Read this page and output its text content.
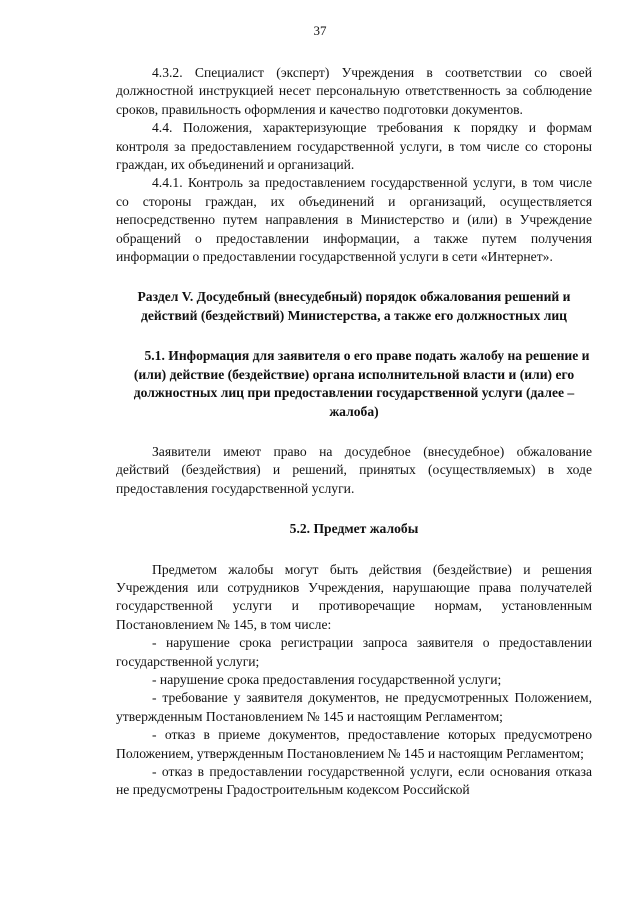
37

4.3.2. Специалист (эксперт) Учреждения в соответствии со своей должностной инструкцией несет персональную ответственность за соблюдение сроков, правильность оформления и качество подготовки документов.

4.4. Положения, характеризующие требования к порядку и формам контроля за предоставлением государственной услуги, в том числе со стороны граждан, их объединений и организаций.

4.4.1. Контроль за предоставлением государственной услуги, в том числе со стороны граждан, их объединений и организаций, осуществляется непосредственно путем направления в Министерство и (или) в Учреждение обращений о предоставлении информации, а также путем получения информации о предоставлении государственной услуги в сети «Интернет».

Раздел V. Досудебный (внесудебный) порядок обжалования решений и действий (бездействий) Министерства, а также его должностных лиц

5.1. Информация для заявителя о его праве подать жалобу на решение и (или) действие (бездействие) органа исполнительной власти и (или) его должностных лиц при предоставлении государственной услуги (далее – жалоба)

Заявители имеют право на досудебное (внесудебное) обжалование действий (бездействия) и решений, принятых (осуществляемых) в ходе предоставления государственной услуги.

5.2. Предмет жалобы

Предметом жалобы могут быть действия (бездействие) и решения Учреждения или сотрудников Учреждения, нарушающие права получателей государственной услуги и противоречащие нормам, установленным Постановлением № 145, в том числе:

- нарушение срока регистрации запроса заявителя о предоставлении государственной услуги;

- нарушение срока предоставления государственной услуги;

- требование у заявителя документов, не предусмотренных Положением, утвержденным Постановлением № 145 и настоящим Регламентом;

- отказ в приеме документов, предоставление которых предусмотрено Положением, утвержденным Постановлением № 145 и настоящим Регламентом;

- отказ в предоставлении государственной услуги, если основания отказа не предусмотрены Градостроительным кодексом Российской
